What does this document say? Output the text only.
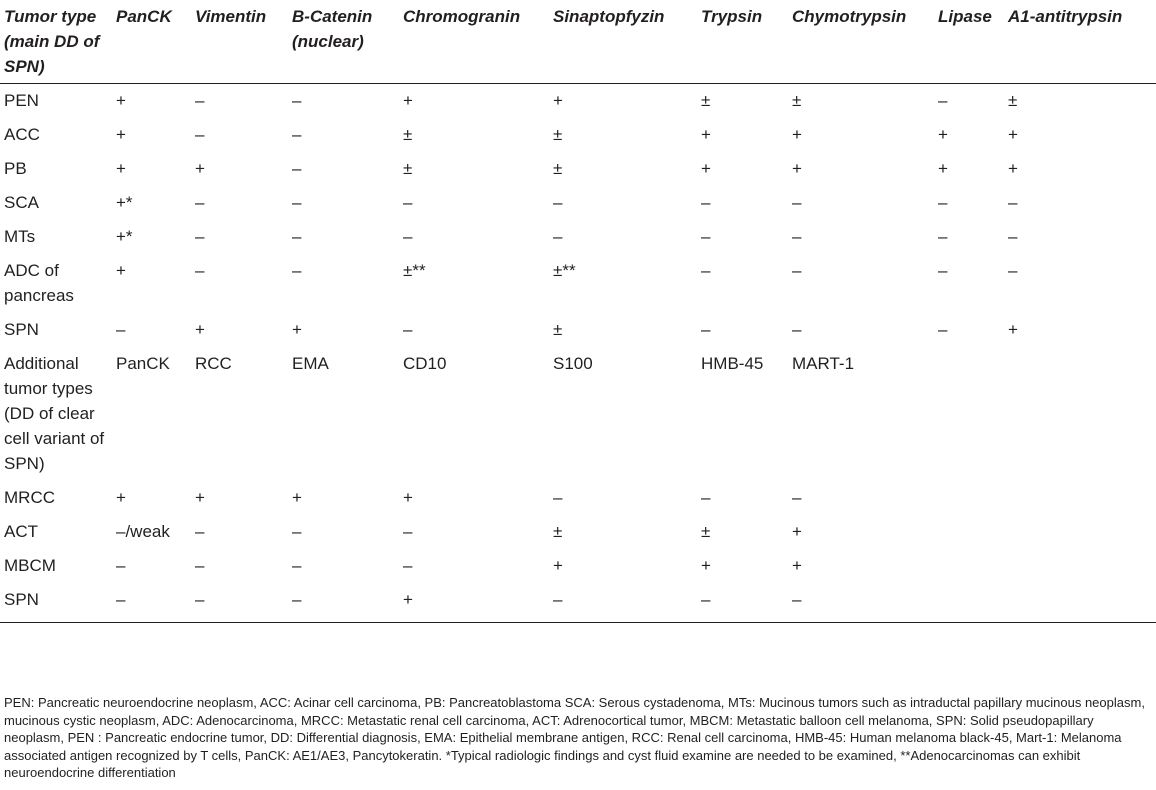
Tumor type (main DD of SPN)	PanCK	Vimentin	B-Catenin (nuclear)	Chromogranin	Sinaptopfyzin	Trypsin	Chymotrypsin	Lipase	A1-antitrypsin
PEN	+	–	–	+	+	±	±	–	±
ACC	+	–	–	±	±	+	+	+	+
PB	+	+	–	±	±	+	+	+	+
SCA	+*	–	–	–	–	–	–	–	–
MTs	+*	–	–	–	–	–	–	–	–
ADC of pancreas	+	–	–	±**	±**	–	–	–	–
SPN	–	+	+	–	±	–	–	–	+
Additional tumor types (DD of clear cell variant of SPN)	PanCK	RCC	EMA	CD10	S100	HMB-45	MART-1		
MRCC	+	+	+	+	–	–	–		
ACT	–/weak	–	–	–	±	±	+		
MBCM	–	–	–	–	+	+	+		
SPN	–	–	–	+	–	–	–		
PEN: Pancreatic neuroendocrine neoplasm, ACC: Acinar cell carcinoma, PB: Pancreatoblastoma SCA: Serous cystadenoma, MTs: Mucinous tumors such as intraductal papillary mucinous neoplasm, mucinous cystic neoplasm, ADC: Adenocarcinoma, MRCC: Metastatic renal cell carcinoma, ACT: Adrenocortical tumor, MBCM: Metastatic balloon cell melanoma, SPN: Solid pseudopapillary neoplasm, PEN : Pancreatic endocrine tumor, DD: Differential diagnosis, EMA: Epithelial membrane antigen, RCC: Renal cell carcinoma, HMB-45: Human melanoma black-45, Mart-1: Melanoma associated antigen recognized by T cells, PanCK: AE1/AE3, Pancytokeratin. *Typical radiologic findings and cyst fluid examine are needed to be examined, **Adenocarcinomas can exhibit neuroendocrine differentiation
